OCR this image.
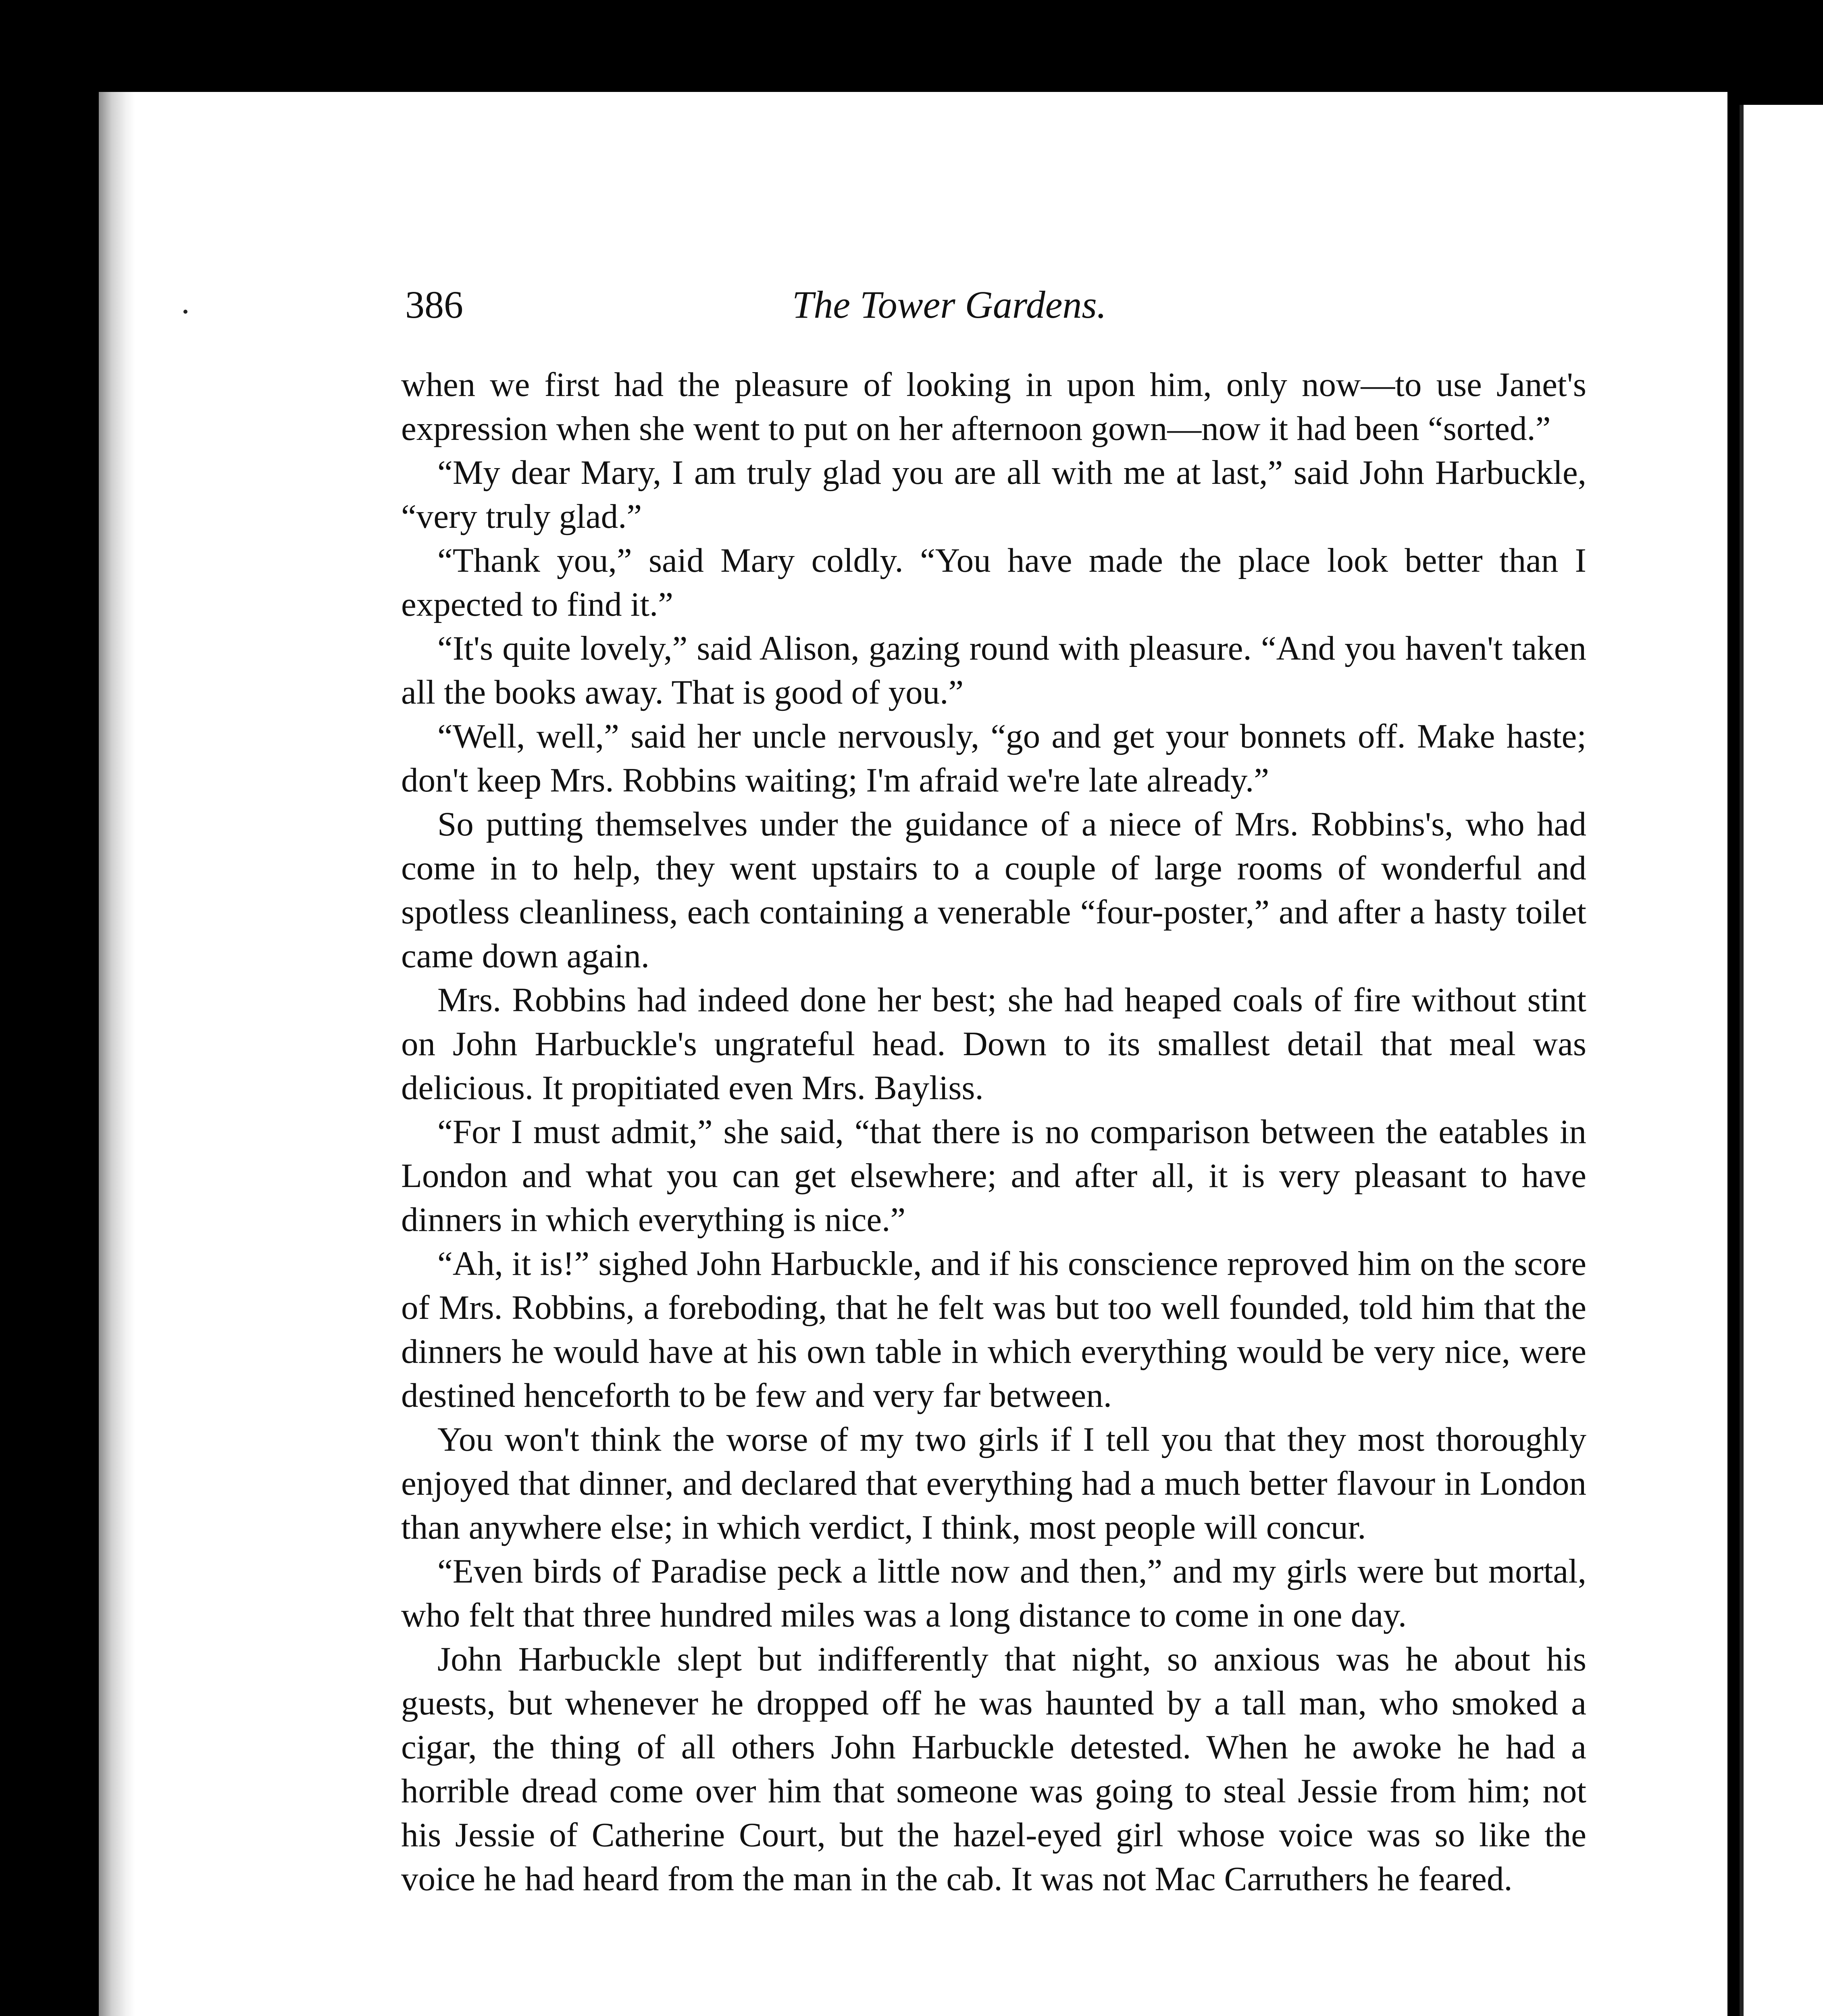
386	The Tower Gardens.

when we first had the pleasure of looking in upon him, only now—to use Janet's expression when she went to put on her afternoon gown—now it had been “sorted.”

“My dear Mary, I am truly glad you are all with me at last,” said John Harbuckle, “very truly glad.”

“Thank you,” said Mary coldly. “You have made the place look better than I expected to find it.”

“It's quite lovely,” said Alison, gazing round with pleasure. “And you haven't taken all the books away. That is good of you.”

“Well, well,” said her uncle nervously, “go and get your bonnets off. Make haste; don't keep Mrs. Robbins waiting; I'm afraid we're late already.”

So putting themselves under the guidance of a niece of Mrs. Robbins's, who had come in to help, they went upstairs to a couple of large rooms of wonderful and spotless cleanliness, each containing a venerable “four-poster,” and after a hasty toilet came down again.

Mrs. Robbins had indeed done her best; she had heaped coals of fire without stint on John Harbuckle's ungrateful head. Down to its smallest detail that meal was delicious. It propitiated even Mrs. Bayliss.

“For I must admit,” she said, “that there is no comparison between the eatables in London and what you can get elsewhere; and after all, it is very pleasant to have dinners in which everything is nice.”

“Ah, it is!” sighed John Harbuckle, and if his conscience reproved him on the score of Mrs. Robbins, a foreboding, that he felt was but too well founded, told him that the dinners he would have at his own table in which everything would be very nice, were destined henceforth to be few and very far between.

You won't think the worse of my two girls if I tell you that they most thoroughly enjoyed that dinner, and declared that everything had a much better flavour in London than anywhere else; in which verdict, I think, most people will concur.

“Even birds of Paradise peck a little now and then,” and my girls were but mortal, who felt that three hundred miles was a long distance to come in one day.

John Harbuckle slept but indifferently that night, so anxious was he about his guests, but whenever he dropped off he was haunted by a tall man, who smoked a cigar, the thing of all others John Harbuckle detested. When he awoke he had a horrible dread come over him that someone was going to steal Jessie from him; not his Jessie of Catherine Court, but the hazel-eyed girl whose voice was so like the voice he had heard from the man in the cab. It was not Mac Carruthers he feared.
